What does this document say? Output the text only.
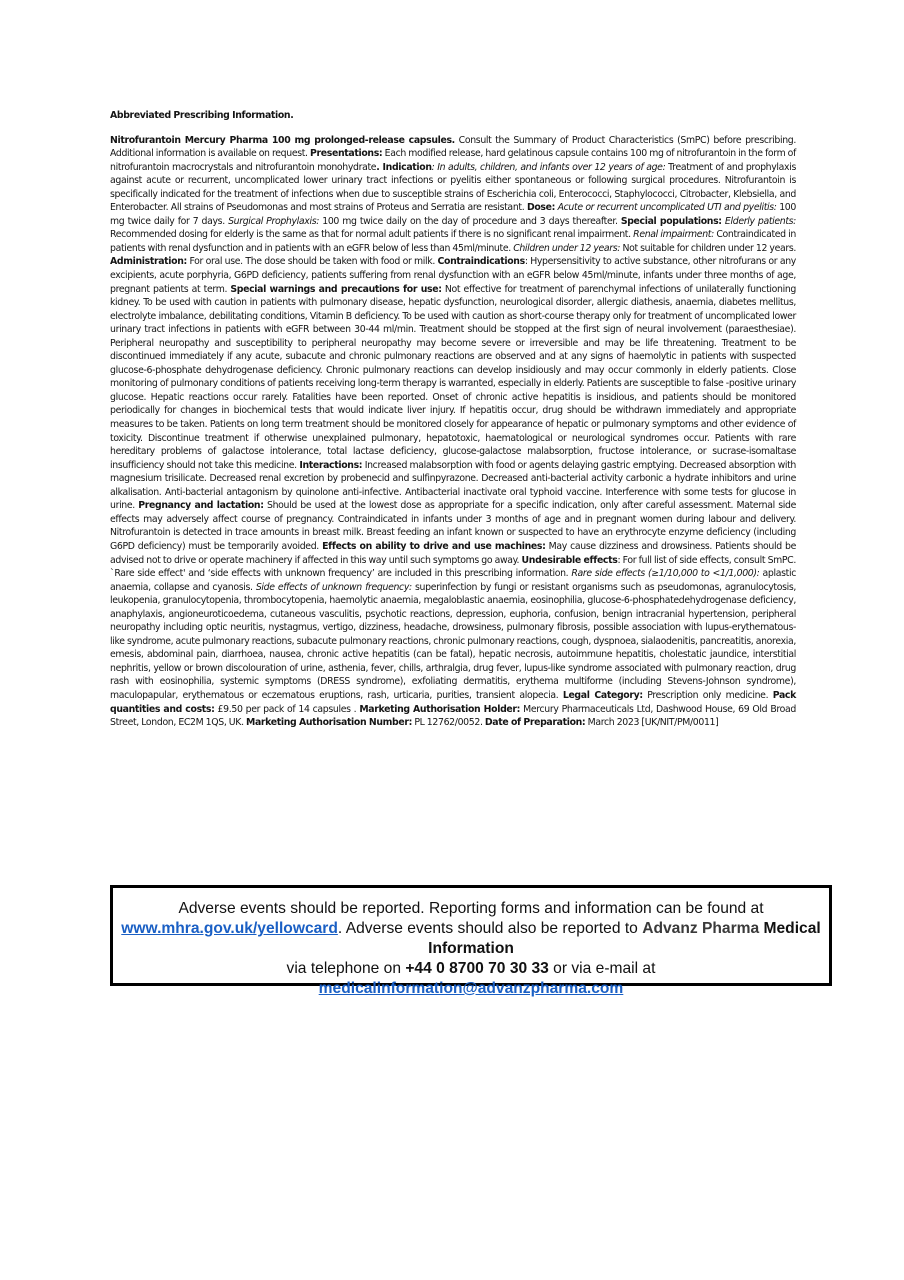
Abbreviated Prescribing Information.

Nitrofurantoin Mercury Pharma 100 mg prolonged-release capsules. Consult the Summary of Product Characteristics (SmPC) before prescribing. Additional information is available on request. Presentations: Each modified release, hard gelatinous capsule contains 100 mg of nitrofurantoin in the form of nitrofurantoin macrocrystals and nitrofurantoin monohydrate. Indication: In adults, children, and infants over 12 years of age: Treatment of and prophylaxis against acute or recurrent, uncomplicated lower urinary tract infections or pyelitis either spontaneous or following surgical procedures. Nitrofurantoin is specifically indicated for the treatment of infections when due to susceptible strains of Escherichia coli, Enterococci, Staphylococci, Citrobacter, Klebsiella, and Enterobacter. All strains of Pseudomonas and most strains of Proteus and Serratia are resistant. Dose: Acute or recurrent uncomplicated UTI and pyelitis: 100 mg twice daily for 7 days. Surgical Prophylaxis: 100 mg twice daily on the day of procedure and 3 days thereafter. Special populations: Elderly patients: Recommended dosing for elderly is the same as that for normal adult patients if there is no significant renal impairment. Renal impairment: Contraindicated in patients with renal dysfunction and in patients with an eGFR below of less than 45ml/minute. Children under 12 years: Not suitable for children under 12 years. Administration: For oral use. The dose should be taken with food or milk. Contraindications: Hypersensitivity to active substance, other nitrofurans or any excipients, acute porphyria, G6PD deficiency, patients suffering from renal dysfunction with an eGFR below 45ml/minute, infants under three months of age, pregnant patients at term. Special warnings and precautions for use: Not effective for treatment of parenchymal infections of unilaterally functioning kidney. To be used with caution in patients with pulmonary disease, hepatic dysfunction, neurological disorder, allergic diathesis, anaemia, diabetes mellitus, electrolyte imbalance, debilitating conditions, Vitamin B deficiency. To be used with caution as short-course therapy only for treatment of uncomplicated lower urinary tract infections in patients with eGFR between 30-44 ml/min. Treatment should be stopped at the first sign of neural involvement (paraesthesiae). Peripheral neuropathy and susceptibility to peripheral neuropathy may become severe or irreversible and may be life threatening. Treatment to be discontinued immediately if any acute, subacute and chronic pulmonary reactions are observed and at any signs of haemolytic in patients with suspected glucose-6-phosphate dehydrogenase deficiency. Chronic pulmonary reactions can develop insidiously and may occur commonly in elderly patients. Close monitoring of pulmonary conditions of patients receiving long-term therapy is warranted, especially in elderly. Patients are susceptible to false -positive urinary glucose. Hepatic reactions occur rarely. Fatalities have been reported. Onset of chronic active hepatitis is insidious, and patients should be monitored periodically for changes in biochemical tests that would indicate liver injury. If hepatitis occur, drug should be withdrawn immediately and appropriate measures to be taken. Patients on long term treatment should be monitored closely for appearance of hepatic or pulmonary symptoms and other evidence of toxicity. Discontinue treatment if otherwise unexplained pulmonary, hepatotoxic, haematological or neurological syndromes occur. Patients with rare hereditary problems of galactose intolerance, total lactase deficiency, glucose-galactose malabsorption, fructose intolerance, or sucrase-isomaltase insufficiency should not take this medicine. Interactions: Increased malabsorption with food or agents delaying gastric emptying. Decreased absorption with magnesium trisilicate. Decreased renal excretion by probenecid and sulfinpyrazone. Decreased anti-bacterial activity carbonic a hydrate inhibitors and urine alkalisation. Anti-bacterial antagonism by quinolone anti-infective. Antibacterial inactivate oral typhoid vaccine. Interference with some tests for glucose in urine. Pregnancy and lactation: Should be used at the lowest dose as appropriate for a specific indication, only after careful assessment. Maternal side effects may adversely affect course of pregnancy. Contraindicated in infants under 3 months of age and in pregnant women during labour and delivery. Nitrofurantoin is detected in trace amounts in breast milk. Breast feeding an infant known or suspected to have an erythrocyte enzyme deficiency (including G6PD deficiency) must be temporarily avoided. Effects on ability to drive and use machines: May cause dizziness and drowsiness. Patients should be advised not to drive or operate machinery if affected in this way until such symptoms go away. Undesirable effects: For full list of side effects, consult SmPC. `Rare side effect' and ‘side effects with unknown frequency’ are included in this prescribing information. Rare side effects (≥1/10,000 to <1/1,000): aplastic anaemia, collapse and cyanosis. Side effects of unknown frequency: superinfection by fungi or resistant organisms such as pseudomonas, agranulocytosis, leukopenia, granulocytopenia, thrombocytopenia, haemolytic anaemia, megaloblastic anaemia, eosinophilia, glucose-6-phosphatedehydrogenase deficiency, anaphylaxis, angioneuroticoedema, cutaneous vasculitis, psychotic reactions, depression, euphoria, confusion, benign intracranial hypertension, peripheral neuropathy including optic neuritis, nystagmus, vertigo, dizziness, headache, drowsiness, pulmonary fibrosis, possible association with lupus-erythematous-like syndrome, acute pulmonary reactions, subacute pulmonary reactions, chronic pulmonary reactions, cough, dyspnoea, sialaodenitis, pancreatitis, anorexia, emesis, abdominal pain, diarrhoea, nausea, chronic active hepatitis (can be fatal), hepatic necrosis, autoimmune hepatitis, cholestatic jaundice, interstitial nephritis, yellow or brown discolouration of urine, asthenia, fever, chills, arthralgia, drug fever, lupus-like syndrome associated with pulmonary reaction, drug rash with eosinophilia, systemic symptoms (DRESS syndrome), exfoliating dermatitis, erythema multiforme (including Stevens-Johnson syndrome), maculopapular, erythematous or eczematous eruptions, rash, urticaria, purities, transient alopecia. Legal Category: Prescription only medicine. Pack quantities and costs: £9.50 per pack of 14 capsules . Marketing Authorisation Holder: Mercury Pharmaceuticals Ltd, Dashwood House, 69 Old Broad Street, London, EC2M 1QS, UK. Marketing Authorisation Number: PL 12762/0052. Date of Preparation: March 2023 [UK/NIT/PM/0011]

Adverse events should be reported. Reporting forms and information can be found at
www.mhra.gov.uk/yellowcard. Adverse events should also be reported to Advanz Pharma Medical Information
via telephone on +44 0 8700 70 30 33 or via e-mail at
medicalinformation@advanzpharma.com
